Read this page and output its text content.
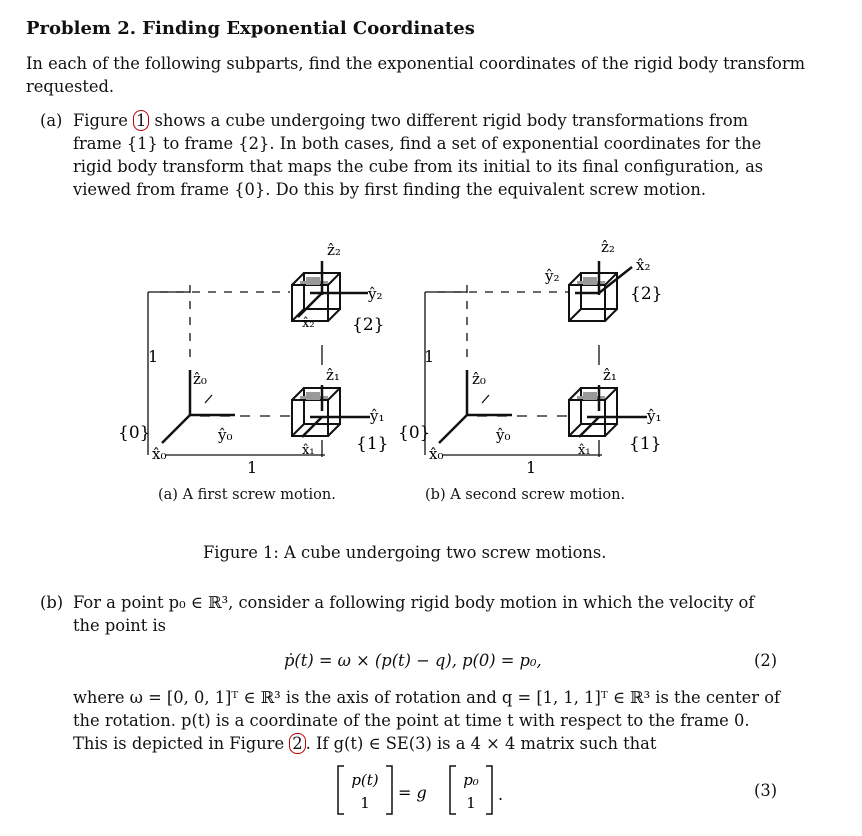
Problem 2. Finding Exponential Coordinates
In each of the following subparts, find the exponential coordinates of the rigid body transform
requested.
(a) Figure 1 shows a cube undergoing two different rigid body transformations from
frame {1} to frame {2}. In both cases, find a set of exponential coordinates for the
rigid body transform that maps the cube from its initial to its final configuration, as
viewed from frame {0}. Do this by first finding the equivalent screw motion.
ẑ₂
ŷ₂
x̂₂ {2}
ẑ₁
ŷ₁
x̂₁ {1}
ẑ₀
ŷ₀
x̂₀
{0}
1
1
ẑ₂
ŷ₂
x̂₂
{2}
ẑ₁
ŷ₁
x̂₁ {1}
ẑ₀
ŷ₀
x̂₀
{0}
1
1
(a) A first screw motion.	(b) A second screw motion.
Figure 1: A cube undergoing two screw motions.
(b) For a point p₀ ∈ ℝ³, consider a following rigid body motion in which the velocity of
the point is
ṗ(t) = ω × (p(t) − q), p(0) = p₀,	(2)
where ω = [0, 0, 1]ᵀ ∈ ℝ³ is the axis of rotation and q = [1, 1, 1]ᵀ ∈ ℝ³ is the center of
the rotation. p(t) is a coordinate of the point at time t with respect to the frame 0.
This is depicted in Figure 2 . If g(t) ∈ SE(3) is a 4 × 4 matrix such that
p(t)
1
= g
p₀
1 .	(3)
